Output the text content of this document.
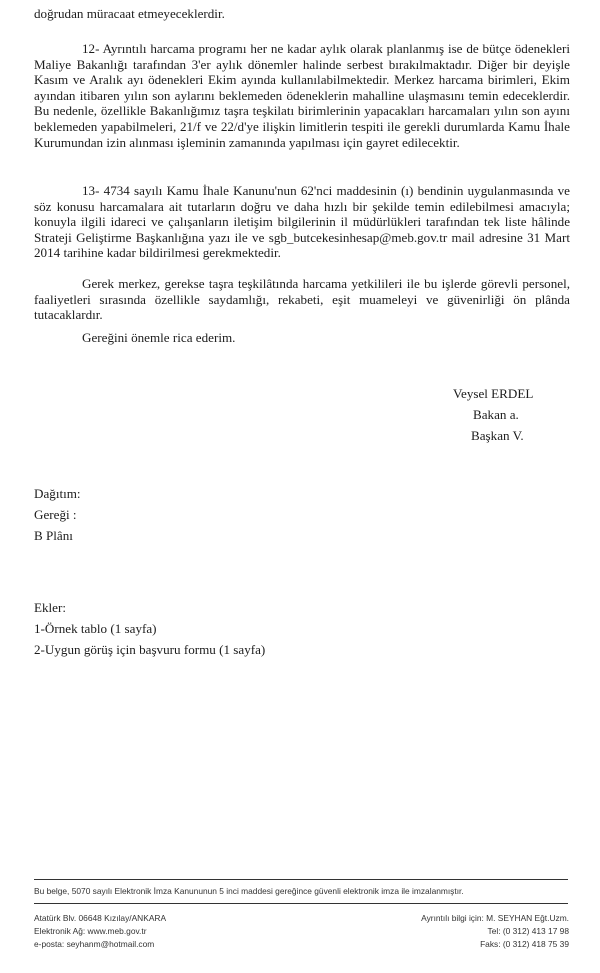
doğrudan müracaat etmeyeceklerdir.

12- Ayrıntılı harcama programı her ne kadar aylık olarak planlanmış ise de bütçe ödenekleri Maliye Bakanlığı tarafından 3'er aylık dönemler halinde serbest bırakılmaktadır. Diğer bir deyişle Kasım ve Aralık ayı ödenekleri Ekim ayında kullanılabilmektedir. Merkez harcama birimleri, Ekim ayından itibaren yılın son aylarını beklemeden ödeneklerin mahalline ulaşmasını temin edeceklerdir. Bu nedenle, özellikle Bakanlığımız taşra teşkilatı birimlerinin yapacakları harcamaları yılın son ayını beklemeden yapabilmeleri, 21/f ve 22/d'ye ilişkin limitlerin tespiti ile gerekli durumlarda Kamu İhale Kurumundan izin alınması işleminin zamanında yapılması için gayret edilecektir.

13- 4734 sayılı Kamu İhale Kanunu'nun 62'nci maddesinin (ı) bendinin uygulanmasında ve söz konusu harcamalara ait tutarların doğru ve daha hızlı bir şekilde temin edilebilmesi amacıyla; konuyla ilgili idareci ve çalışanların iletişim bilgilerinin il müdürlükleri tarafından tek liste hâlinde Strateji Geliştirme Başkanlığına yazı ile ve sgb_butcekesinhesap@meb.gov.tr mail adresine 31 Mart 2014 tarihine kadar bildirilmesi gerekmektedir.

Gerek merkez, gerekse taşra teşkilâtında harcama yetkilileri ile bu işlerde görevli personel, faaliyetleri sırasında özellikle saydamlığı, rekabeti, eşit muameleyi ve güvenirliği ön plânda tutacaklardır.

Gereğini önemle rica ederim.

Veysel ERDEL
Bakan a.
Başkan V.
Dağıtım:
Gereği :
B Plânı
Ekler:
1-Örnek tablo (1 sayfa)
2-Uygun görüş için başvuru formu (1 sayfa)
Bu belge, 5070 sayılı Elektronik İmza Kanununun 5 inci maddesi gereğince güvenli elektronik imza ile imzalanmıştır.
Atatürk Blv. 06648 Kızılay/ANKARA
Elektronik Ağ: www.meb.gov.tr
e-posta: seyhanm@hotmail.com
Ayrıntılı bilgi için: M. SEYHAN Eğt.Uzm.
Tel: (0 312) 413 17 98
Faks: (0 312) 418 75 39
